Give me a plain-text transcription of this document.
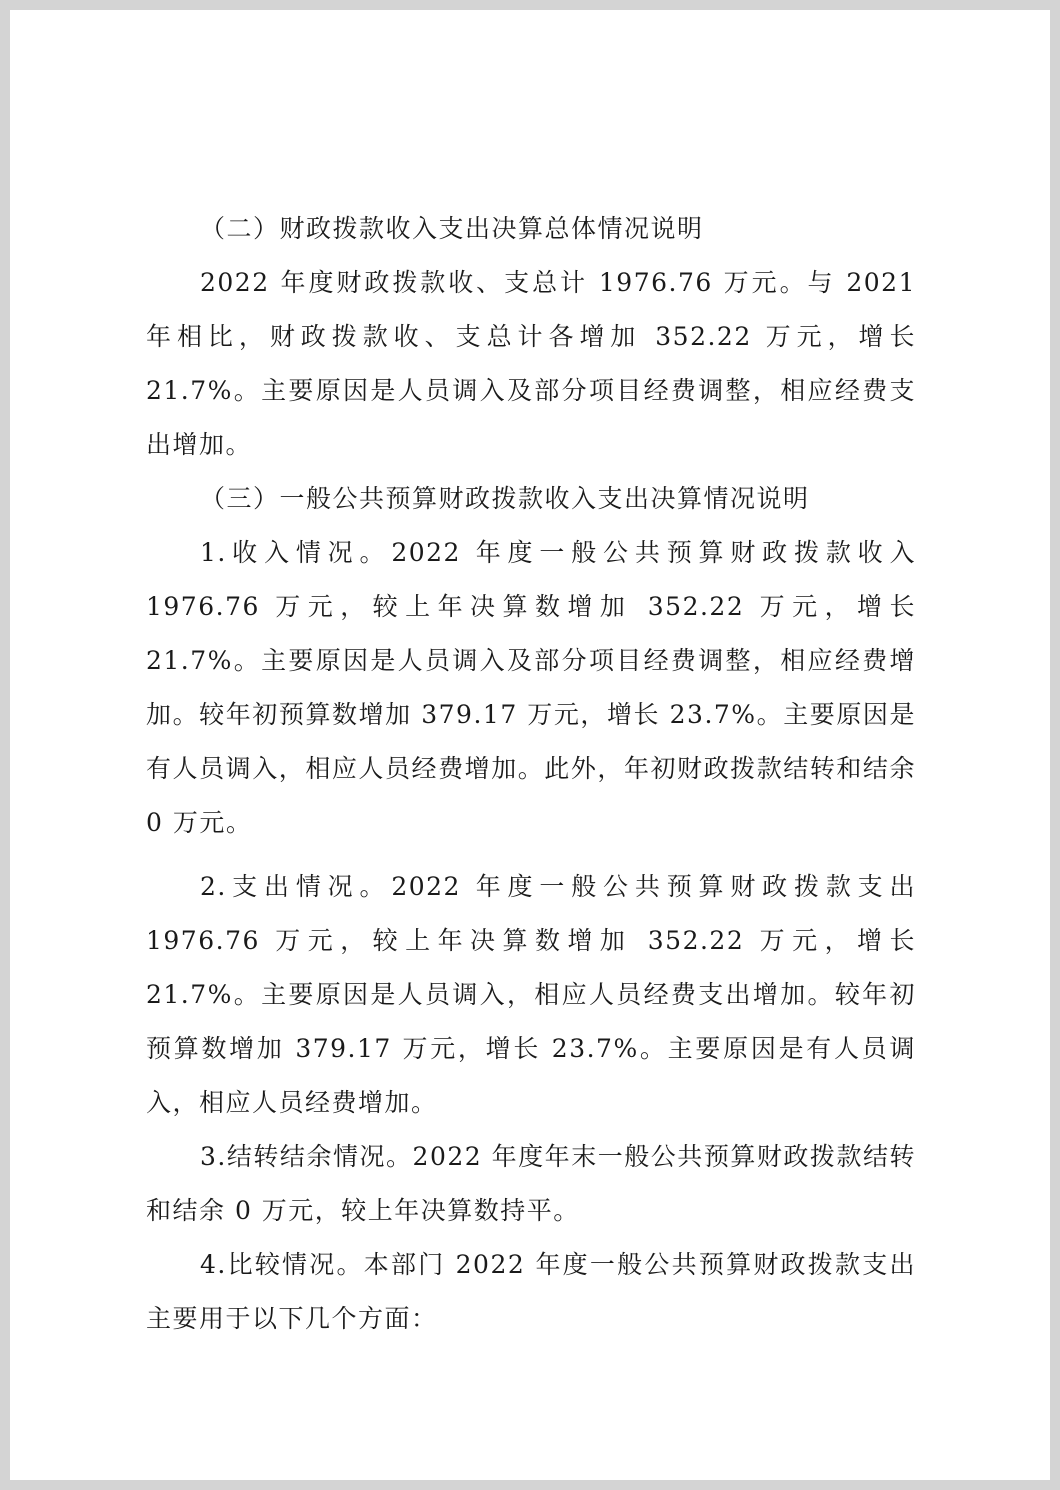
（二）财政拨款收入支出决算总体情况说明

2022 年度财政拨款收、支总计 1976.76 万元。与 2021 年相比，财政拨款收、支总计各增加 352.22 万元，增长 21.7%。主要原因是人员调入及部分项目经费调整，相应经费支出增加。

（三）一般公共预算财政拨款收入支出决算情况说明

1.收入情况。2022 年度一般公共预算财政拨款收入 1976.76 万元，较上年决算数增加 352.22 万元，增长 21.7%。主要原因是人员调入及部分项目经费调整，相应经费增加。较年初预算数增加 379.17 万元，增长 23.7%。主要原因是有人员调入，相应人员经费增加。此外，年初财政拨款结转和结余 0 万元。

2.支出情况。2022 年度一般公共预算财政拨款支出 1976.76 万元，较上年决算数增加 352.22 万元，增长 21.7%。主要原因是人员调入，相应人员经费支出增加。较年初预算数增加 379.17 万元，增长 23.7%。主要原因是有人员调入，相应人员经费增加。

3.结转结余情况。2022 年度年末一般公共预算财政拨款结转和结余 0 万元，较上年决算数持平。

4.比较情况。本部门 2022 年度一般公共预算财政拨款支出主要用于以下几个方面：
